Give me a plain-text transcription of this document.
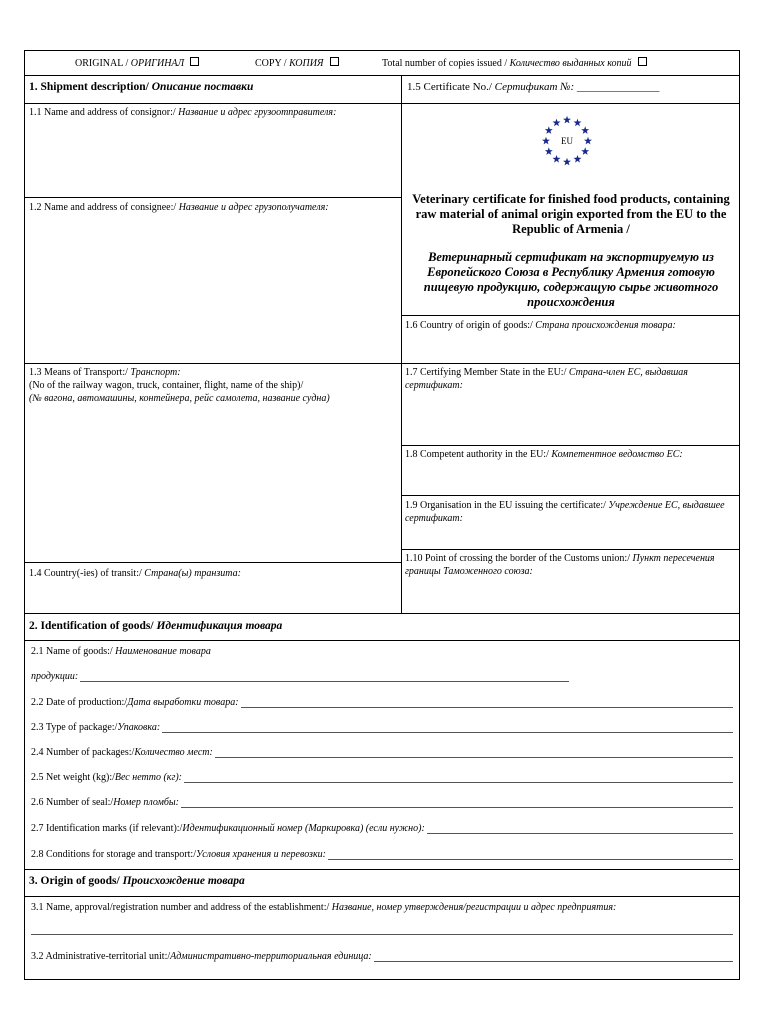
ORIGINAL / ОРИГИНАЛ	COPY / КОПИЯ	Total number of copies issued / Количество выданных копий
1. Shipment description/ Описание поставки	1.5 Certificate No./ Сертификат №: _______________
1.1 Name and address of consignor:/ Название и адрес грузоотправителя:
1.2 Name and address of consignee:/ Название и адрес грузополучателя:
1.3 Means of Transport:/ Транспорт:
(No of the railway wagon, truck, container, flight, name of the ship)/
(№ вагона, автомашины, контейнера, рейс самолета, название судна)
1.4 Country(-ies) of transit:/ Страна(ы) транзита:
EU
Veterinary certificate for finished food products, containing raw material of animal origin exported from the EU to the Republic of Armenia /
Ветеринарный сертификат на экспортируемую из Европейского Союза в Республику Армения готовую пищевую продукцию, содержащую сырье животного происхождения
1.6 Country of origin of goods:/ Страна происхождения товара:
1.7 Certifying Member State in the EU:/ Страна-член ЕС, выдавшая сертификат:
1.8 Competent authority in the EU:/ Компетентное ведомство ЕС:
1.9 Organisation in the EU issuing the certificate:/ Учреждение ЕС, выдавшее сертификат:
1.10 Point of crossing the border of the Customs union:/ Пункт пересечения границы Таможенного союза:
2. Identification of goods/ Идентификация товара
2.1 Name of goods:/ Наименование товара
продукции:
2.2 Date of production:/ Дата выработки товара:
2.3 Type of package:/ Упаковка:
2.4 Number of packages:/ Количество мест:
2.5 Net weight (kg):/ Вес нетто (кг):
2.6 Number of seal:/ Номер пломбы:
2.7 Identification marks (if relevant):/ Идентификационный номер (Маркировка) (если нужно):
2.8 Conditions for storage and transport:/ Условия хранения и перевозки:
3. Origin of goods/ Происхождение товара
3.1 Name, approval/registration number and address of the establishment:/ Название, номер утверждения/регистрации и адрес предприятия:
3.2 Administrative-territorial unit:/ Административно-территориальная единица:
